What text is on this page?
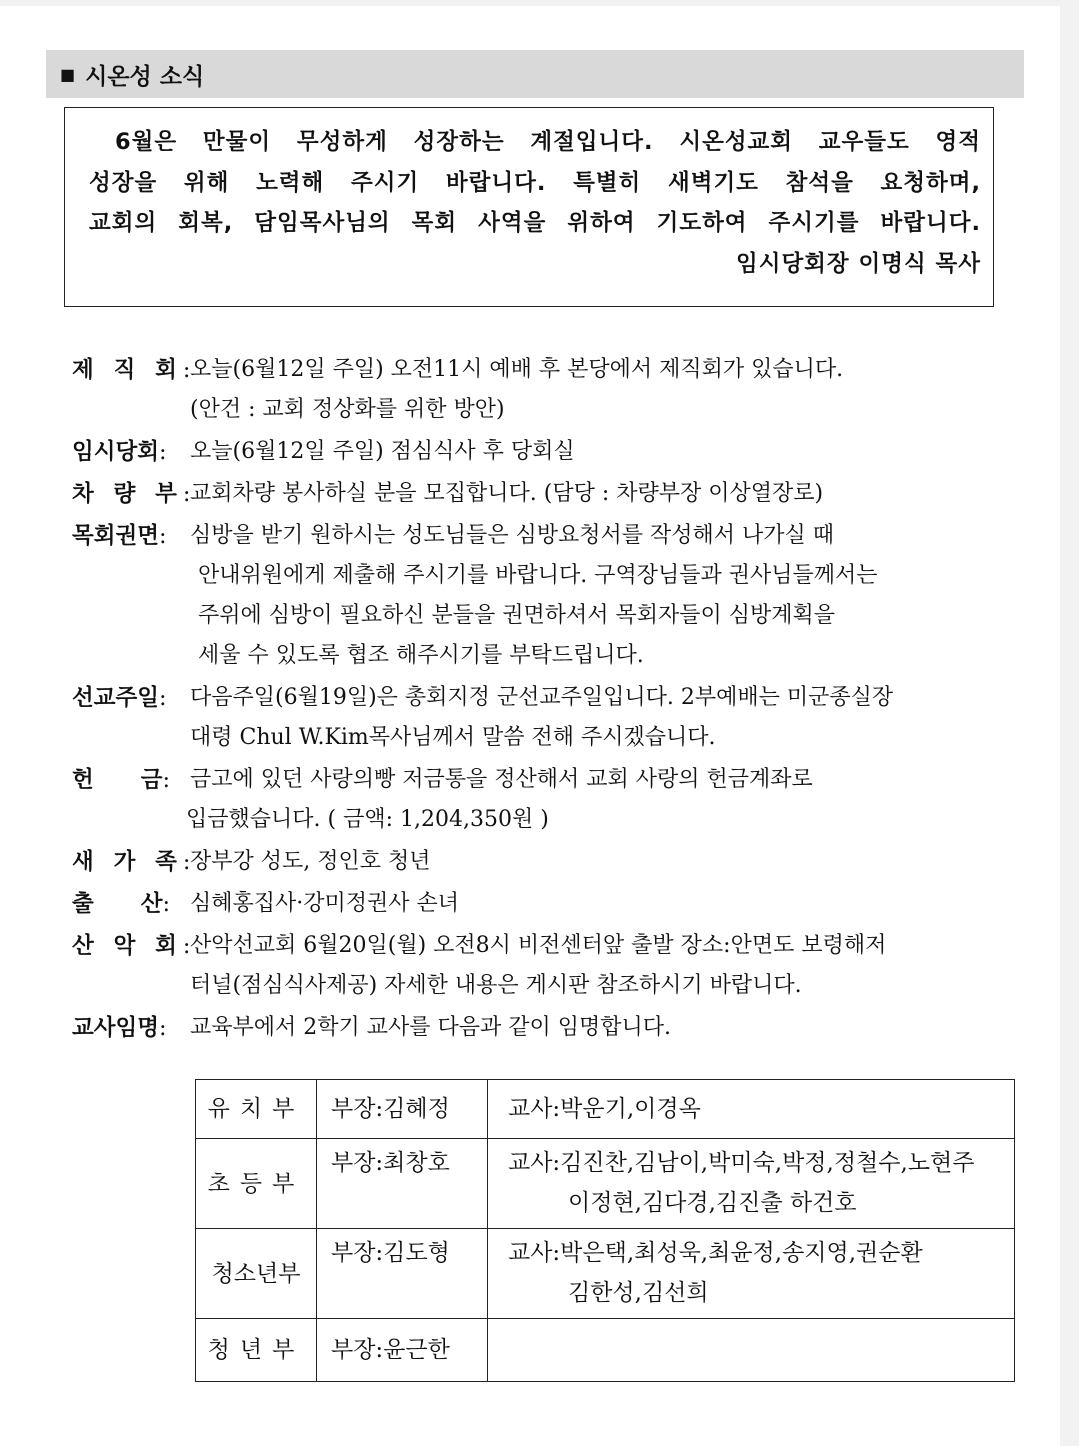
■ 시온성 소식
6월은 만물이 무성하게 성장하는 계절입니다. 시온성교회 교우들도 영적
성장을 위해 노력해 주시기 바랍니다. 특별히 새벽기도 참석을 요청하며,
교회의 회복, 담임목사님의 목회 사역을 위하여 기도하여 주시기를 바랍니다.
임시당회장 이명식 목사
제 직 회: 오늘(6월12일 주일) 오전11시 예배 후 본당에서 제직회가 있습니다.
(안건 : 교회 정상화를 위한 방안)
임시당회:	오늘(6월12일 주일) 점심식사 후 당회실
차 량 부: 교회차량 봉사하실 분을 모집합니다. (담당 : 차량부장 이상열장로)
목회권면:	심방을 받기 원하시는 성도님들은 심방요청서를 작성해서 나가실 때
안내위원에게 제출해 주시기를 바랍니다. 구역장님들과 권사님들께서는
주위에 심방이 필요하신 분들을 권면하셔서 목회자들이 심방계획을
세울 수 있도록 협조 해주시기를 부탁드립니다.
선교주일:	다음주일(6월19일)은 총회지정 군선교주일입니다. 2부예배는 미군종실장
대령 Chul W.Kim목사님께서 말씀 전해 주시겠습니다.
헌      금: 금고에 있던 사랑의빵 저금통을 정산해서 교회 사랑의 헌금계좌로
입금했습니다. ( 금액: 1,204,350원 )
새 가 족: 장부강 성도, 정인호 청년
출      산: 심혜홍집사·강미정권사 손녀
산 악 회: 산악선교회 6월20일(월) 오전8시 비전센터앞 출발 장소:안면도 보령해저
터널(점심식사제공) 자세한 내용은 게시판 참조하시기 바랍니다.
교사임명:	교육부에서 2학기 교사를 다음과 같이 임명합니다.
유치부	부장:김혜정	교사:박운기,이경옥

초등부	부장:최창호	교사:김진찬,김남이,박미숙,박정,정철수,노현주
이정현,김다경,김진출 하건호

청소년부	부장:김도형	교사:박은택,최성욱,최윤정,송지영,권순환
김한성,김선희

청년부	부장:윤근한	
